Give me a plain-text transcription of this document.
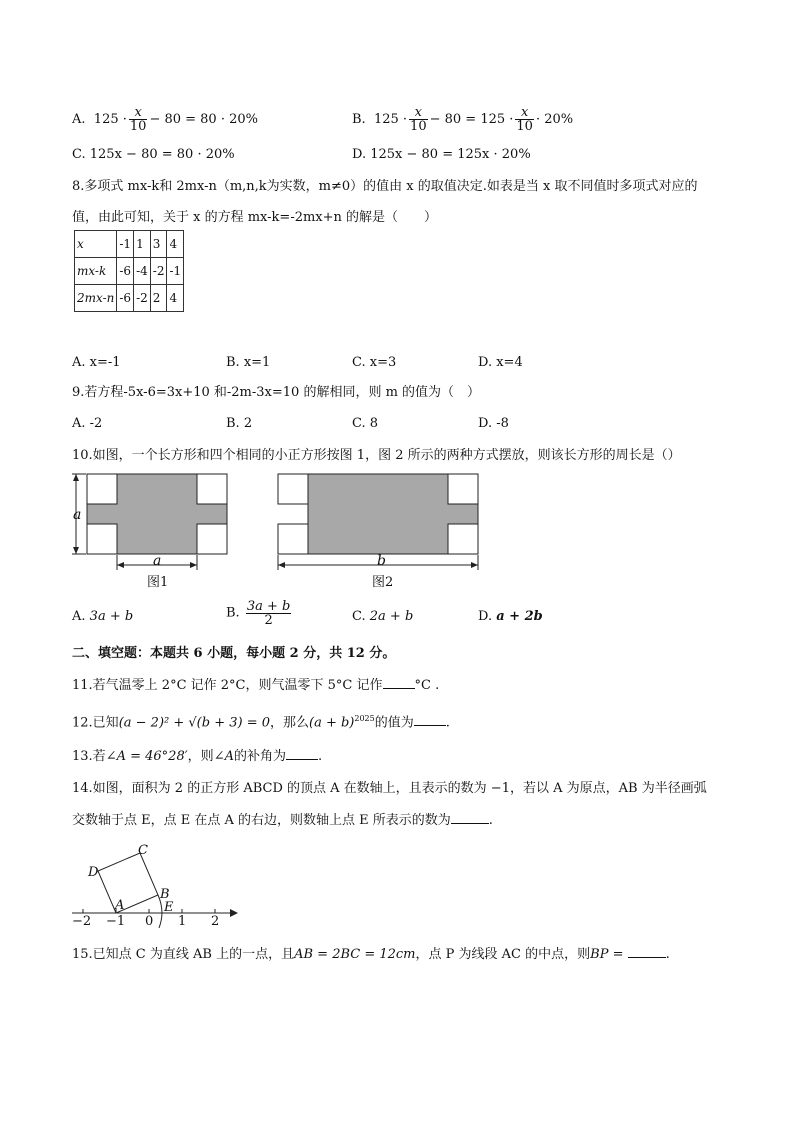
A.  $125 \cdot \frac{x}{10} - 80 = 80 \cdot 20\%$	B.  $125 \cdot \frac{x}{10} - 80 = 125 \cdot \frac{x}{10} \cdot 20\%$
C. 125x − 80 = 80 · 20%	D. 125x − 80 = 125x · 20%
8.多项式 mx-k和 2mx-n（m,n,k为实数，m≠0）的值由 x 的取值决定.如表是当 x 取不同值时多项式对应的
值，由此可知，关于 x 的方程 mx-k=-2mx+n 的解是（　　）
x	-1	1	3	4
mx-k	-6	-4	-2	-1
2mx-n	-6	-2	2	4
A. x=-1	B. x=1	C. x=3	D. x=4
9.若方程-5x-6=3x+10 和-2m-3x=10 的解相同，则 m 的值为（　）
A. -2	B. 2	C. 8	D. -8
10.如图，一个长方形和四个相同的小正方形按图 1，图 2 所示的两种方式摆放，则该长方形的周长是（）
a
a	b
图1	图2
A. 3a + b	B. $\frac{3a + b}{2}$	C. 2a + b	D. a + 2b
二、填空题：本题共 6 小题，每小题 2 分，共 12 分。
11.若气温零上 2°C 记作 2°C，则气温零下 5°C 记作 °C .
12.已知(a − 2)² + √(b + 3) = 0，那么$(a + b)^{2025}$的值为 .
13.若∠A = 46°28′，则∠A的补角为 .
14.如图，面积为 2 的正方形 ABCD 的顶点 A 在数轴上，且表示的数为 −1，若以 A 为原点，AB 为半径画弧
交数轴于点 E，点 E 在点 A 的右边，则数轴上点 E 所表示的数为	.
C
D
B
A	E
−2 −1 0 1 2
15.已知点 C 为直线 AB 上的一点，且AB = 2BC = 12cm，点 P 为线段 AC 的中点，则BP =	.
